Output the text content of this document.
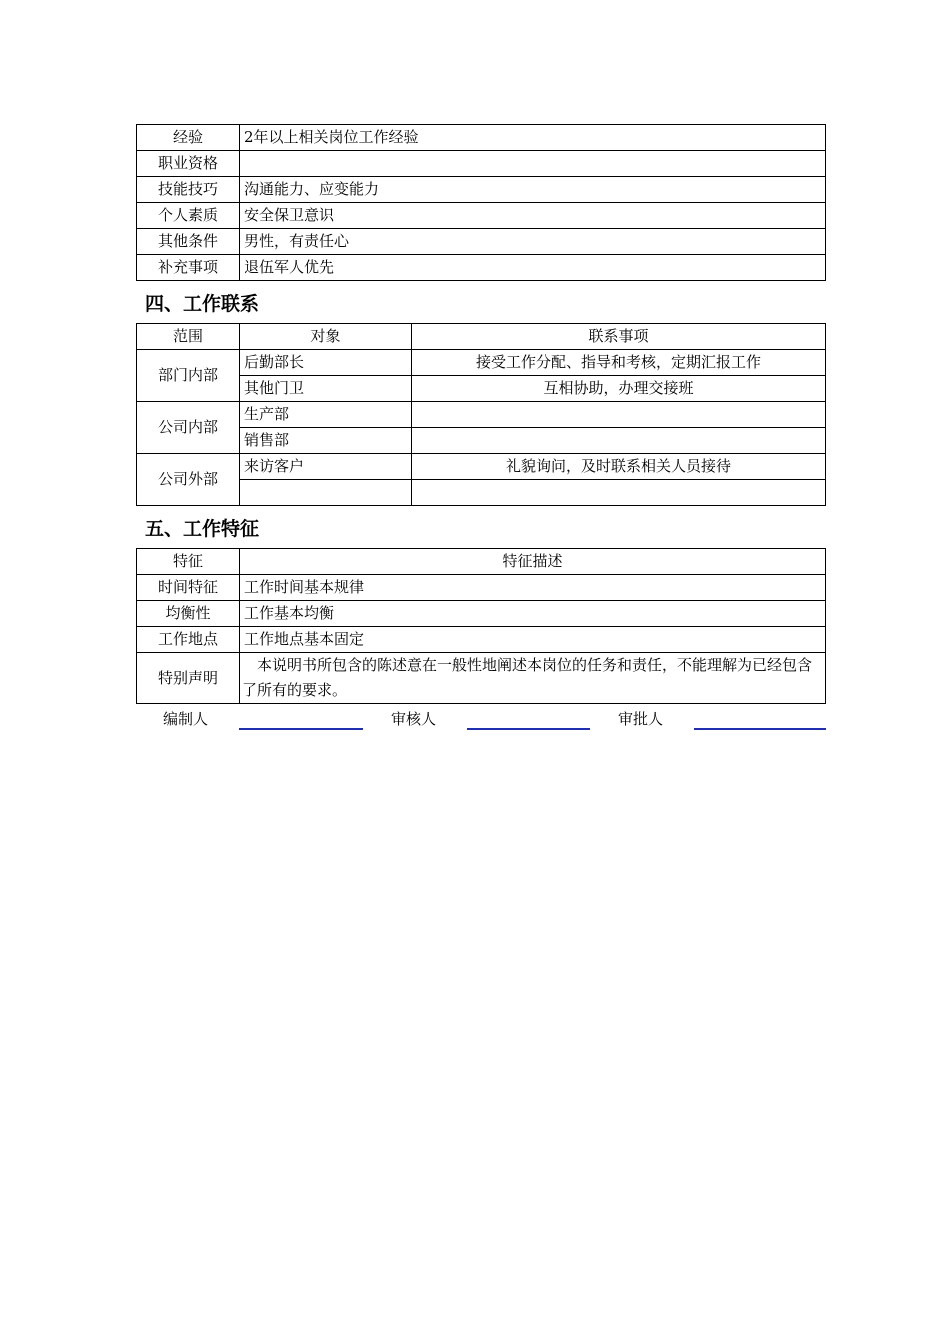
经验	2年以上相关岗位工作经验
职业资格	
技能技巧	沟通能力、应变能力
个人素质	安全保卫意识
其他条件	男性，有责任心
补充事项	退伍军人优先
四、工作联系
范围	对象	联系事项
部门内部	后勤部长	接受工作分配、指导和考核，定期汇报工作
	其他门卫	互相协助，办理交接班
公司内部	生产部	
	销售部	
公司外部	来访客户	礼貌询问，及时联系相关人员接待

五、工作特征
特征	特征描述
时间特征	工作时间基本规律
均衡性	工作基本均衡
工作地点	工作地点基本固定
特别声明	　本说明书所包含的陈述意在一般性地阐述本岗位的任务和责任，不能理解为已经包含了所有的要求。
编制人	审核人	审批人
